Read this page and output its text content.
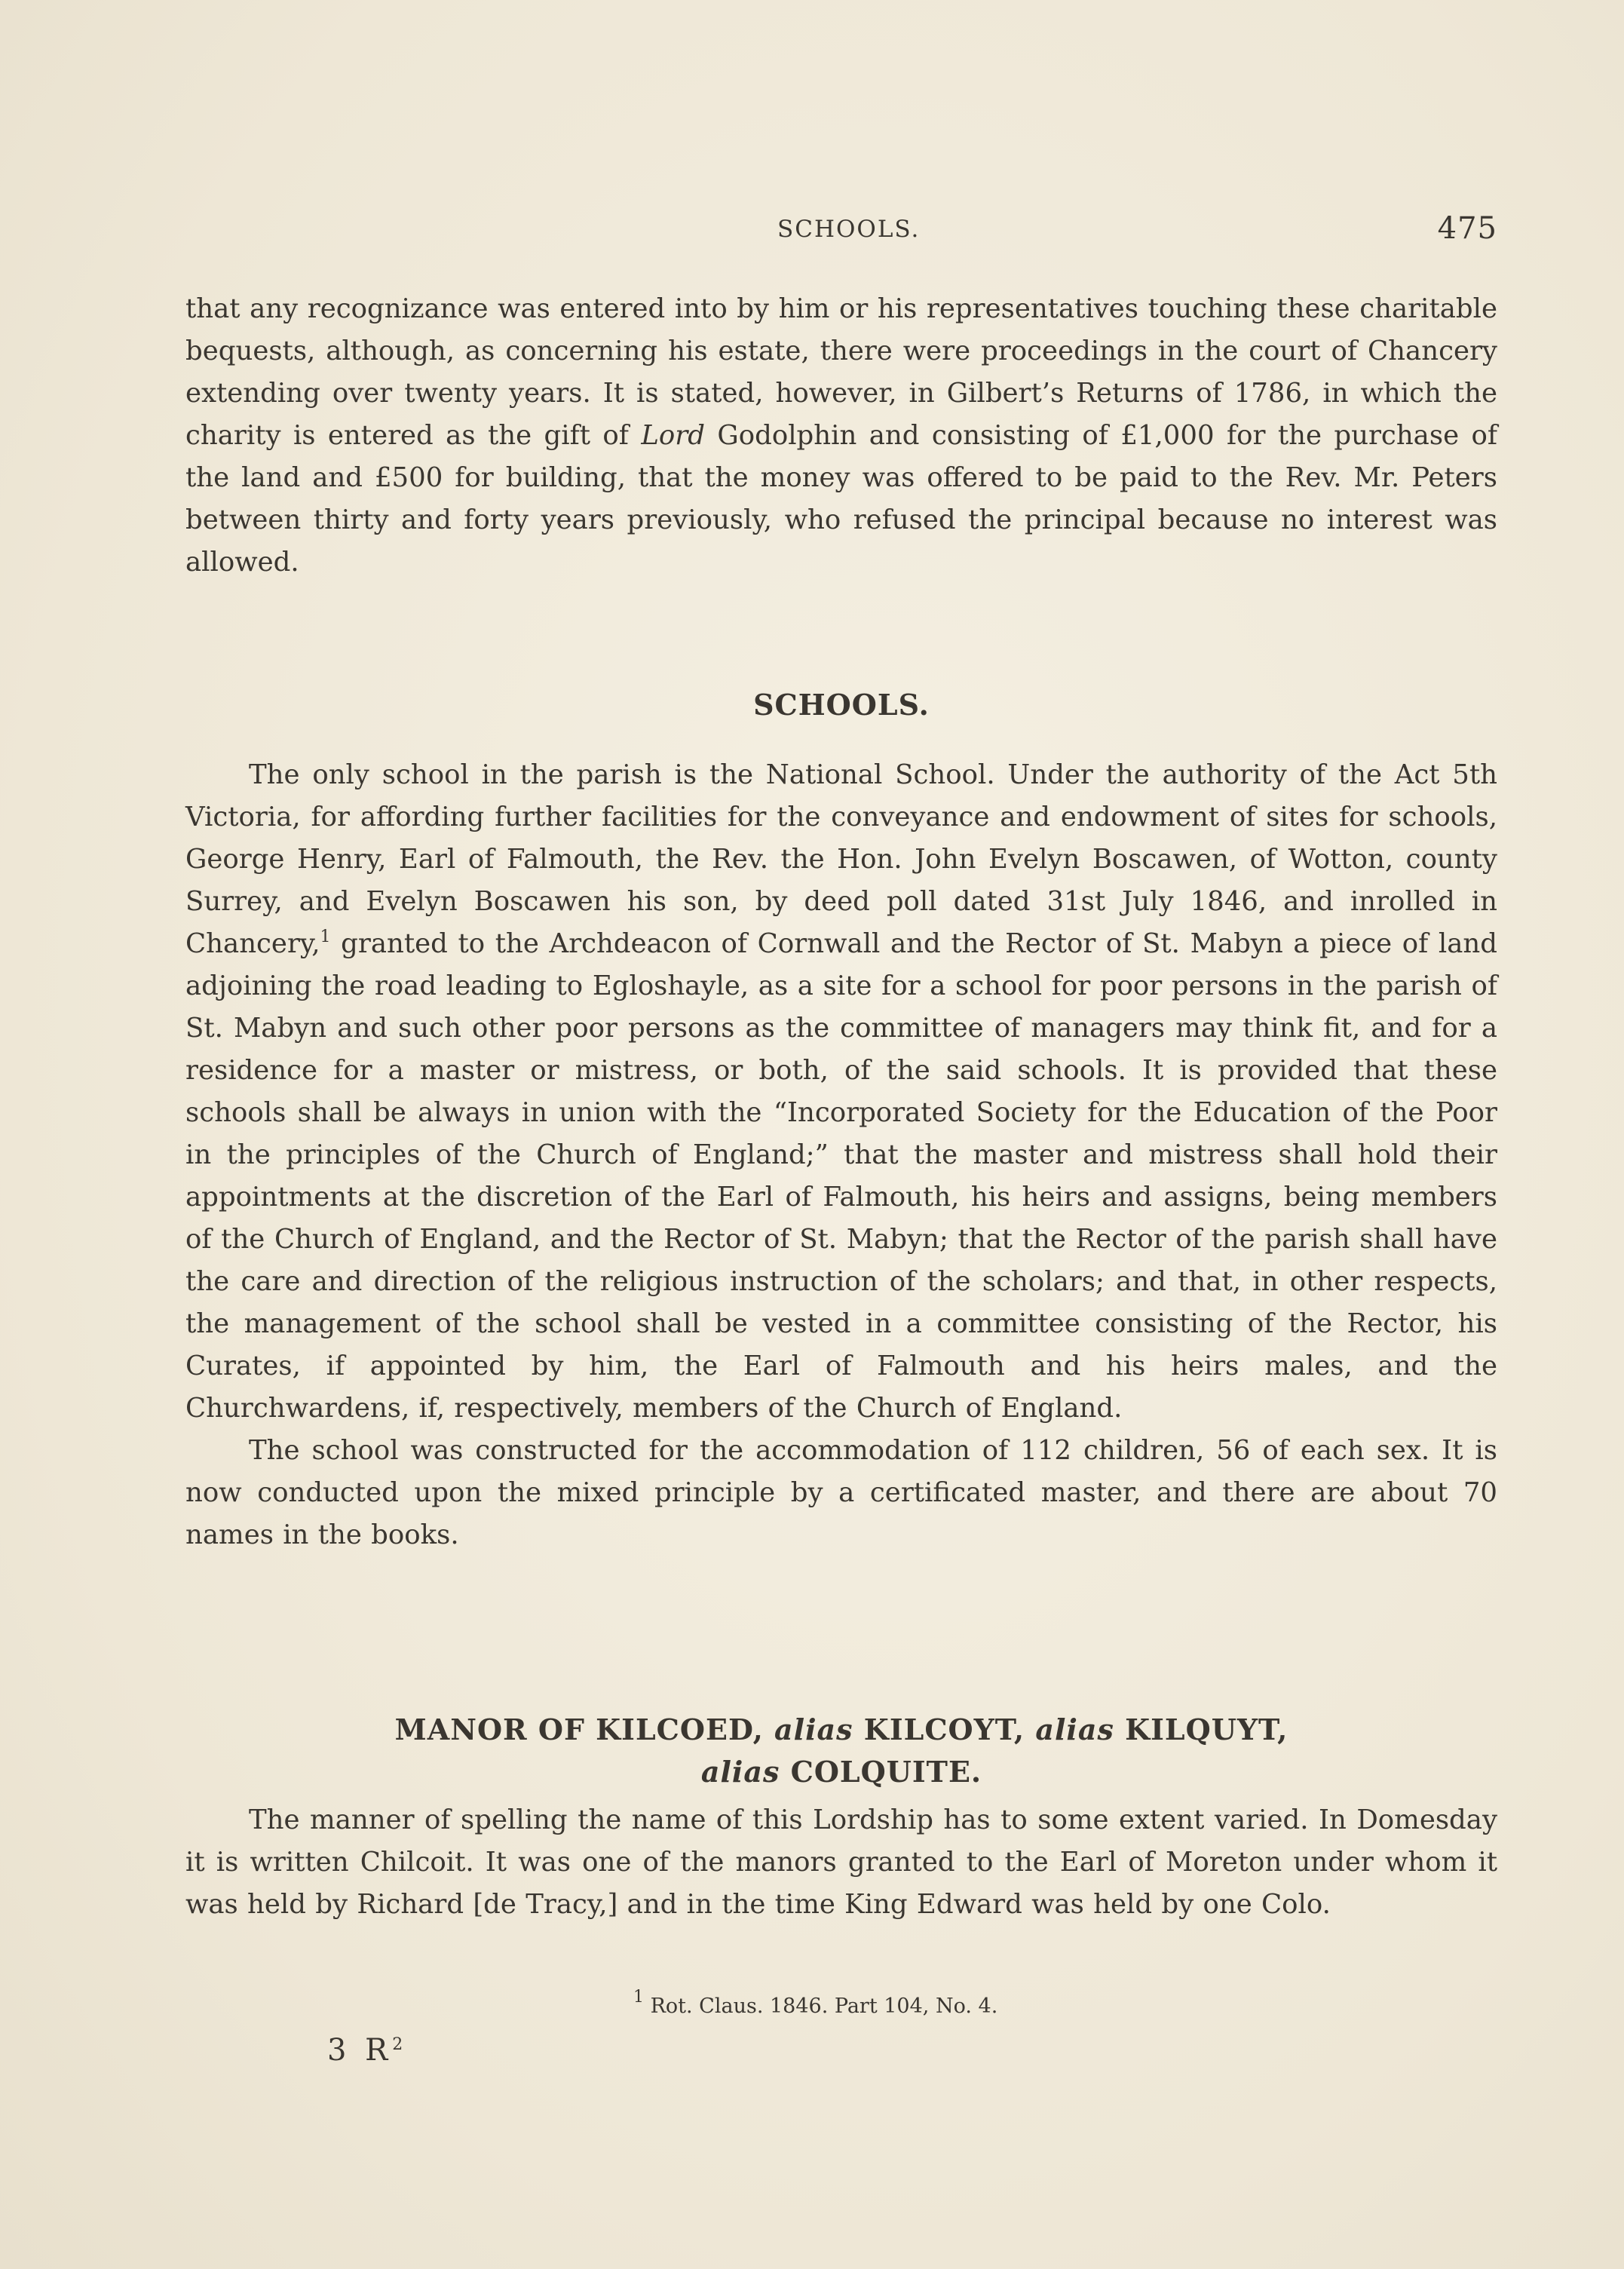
SCHOOLS.	475

that any recognizance was entered into by him or his representatives touching these charitable bequests, although, as concerning his estate, there were proceedings in the court of Chancery extending over twenty years. It is stated, however, in Gilbert’s Returns of 1786, in which the charity is entered as the gift of Lord Godolphin and consisting of £1,000 for the purchase of the land and £500 for building, that the money was offered to be paid to the Rev. Mr. Peters between thirty and forty years previously, who refused the principal because no interest was allowed.

SCHOOLS.

The only school in the parish is the National School. Under the authority of the Act 5th Victoria, for affording further facilities for the conveyance and endowment of sites for schools, George Henry, Earl of Falmouth, the Rev. the Hon. John Evelyn Boscawen, of Wotton, county Surrey, and Evelyn Boscawen his son, by deed poll dated 31st July 1846, and inrolled in Chancery,$^1$ granted to the Archdeacon of Cornwall and the Rector of St. Mabyn a piece of land adjoining the road leading to Egloshayle, as a site for a school for poor persons in the parish of St. Mabyn and such other poor persons as the committee of managers may think fit, and for a residence for a master or mistress, or both, of the said schools. It is provided that these schools shall be always in union with the “Incorporated Society for the Education of the Poor in the principles of the Church of England;” that the master and mistress shall hold their appointments at the discretion of the Earl of Falmouth, his heirs and assigns, being members of the Church of England, and the Rector of St. Mabyn; that the Rector of the parish shall have the care and direction of the religious instruction of the scholars; and that, in other respects, the management of the school shall be vested in a committee consisting of the Rector, his Curates, if appointed by him, the Earl of Falmouth and his heirs males, and the Churchwardens, if, respectively, members of the Church of England.

The school was constructed for the accommodation of 112 children, 56 of each sex. It is now conducted upon the mixed principle by a certificated master, and there are about 70 names in the books.

MANOR OF KILCOED, alias KILCOYT, alias KILQUYT,
alias COLQUITE.

The manner of spelling the name of this Lordship has to some extent varied. In Domesday it is written Chilcoit. It was one of the manors granted to the Earl of Moreton under whom it was held by Richard [de Tracy,] and in the time King Edward was held by one Colo.

$^1$ Rot. Claus. 1846. Part 104, No. 4.
3 $R^2$
